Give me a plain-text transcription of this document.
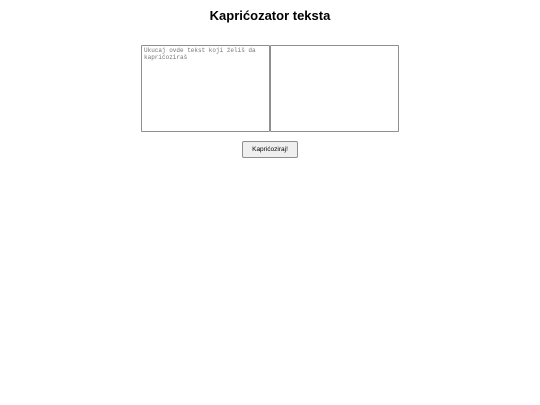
Kaprićozator teksta
Ukucaj ovde tekst koji želiš da kaprićoziraš
Kaprićoziraj!
